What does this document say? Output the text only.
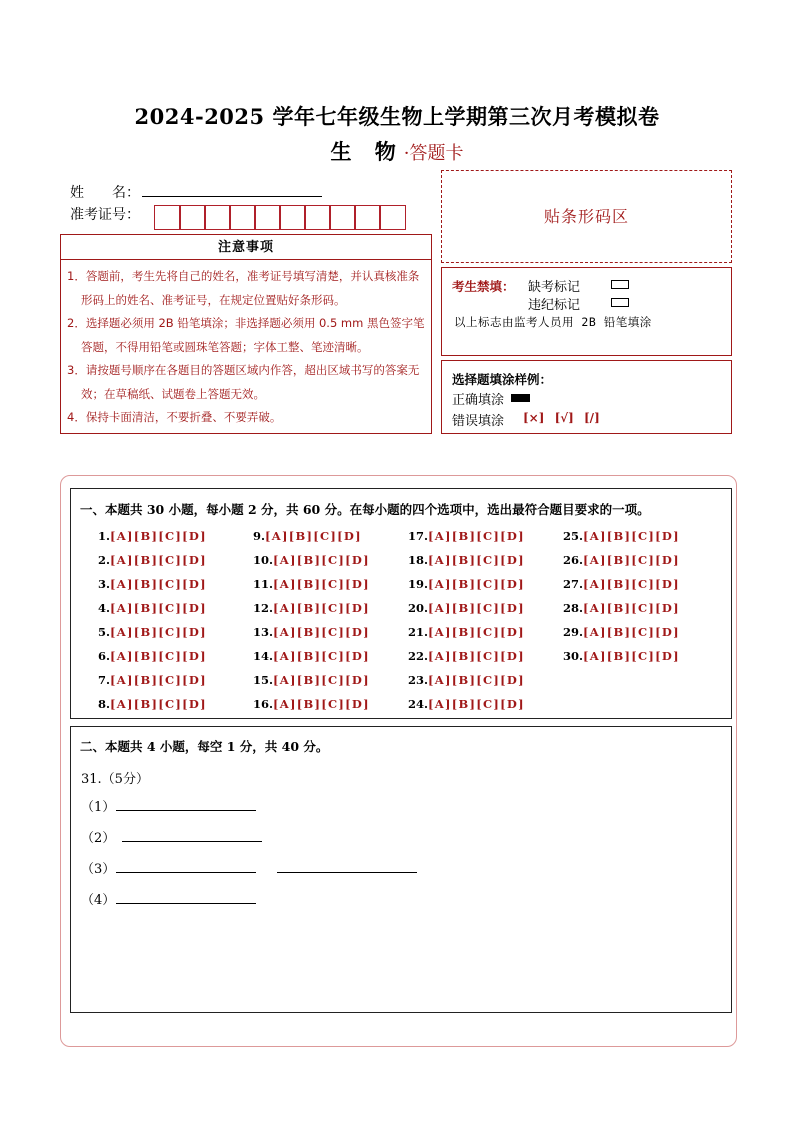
2024-2025 学年七年级生物上学期第三次月考模拟卷
生 物·答题卡
姓　　名：
准考证号：
注意事项
1．答题前，考生先将自己的姓名，准考证号填写清楚，并认真核准条形码上的姓名、准考证号，在规定位置贴好条形码。
2．选择题必须用 2B 铅笔填涂；非选择题必须用 0.5 mm 黑色签字笔答题，不得用铅笔或圆珠笔答题；字体工整、笔迹清晰。
3．请按题号顺序在各题目的答题区域内作答，超出区域书写的答案无效；在草稿纸、试题卷上答题无效。
4．保持卡面清洁，不要折叠、不要弄破。
贴条形码区
考生禁填： 缺考标记
违纪标记
以上标志由监考人员用 2B 铅笔填涂
选择题填涂样例：
正确填涂
错误填涂 [×] [√] [/]
一、本题共 30 小题，每小题 2 分，共 60 分。在每小题的四个选项中，选出最符合题目要求的一项。
1.[A][B][C][D]
2.[A][B][C][D]
3.[A][B][C][D]
4.[A][B][C][D]
5.[A][B][C][D]
6.[A][B][C][D]
7.[A][B][C][D]
8.[A][B][C][D]
9.[A][B][C][D]
10.[A][B][C][D]
11.[A][B][C][D]
12.[A][B][C][D]
13.[A][B][C][D]
14.[A][B][C][D]
15.[A][B][C][D]
16.[A][B][C][D]
17.[A][B][C][D]
18.[A][B][C][D]
19.[A][B][C][D]
20.[A][B][C][D]
21.[A][B][C][D]
22.[A][B][C][D]
23.[A][B][C][D]
24.[A][B][C][D]
25.[A][B][C][D]
26.[A][B][C][D]
27.[A][B][C][D]
28.[A][B][C][D]
29.[A][B][C][D]
30.[A][B][C][D]
二、本题共 4 小题，每空 1 分，共 40 分。
31.（5分）
（1）
（2）
（3）
（4）
